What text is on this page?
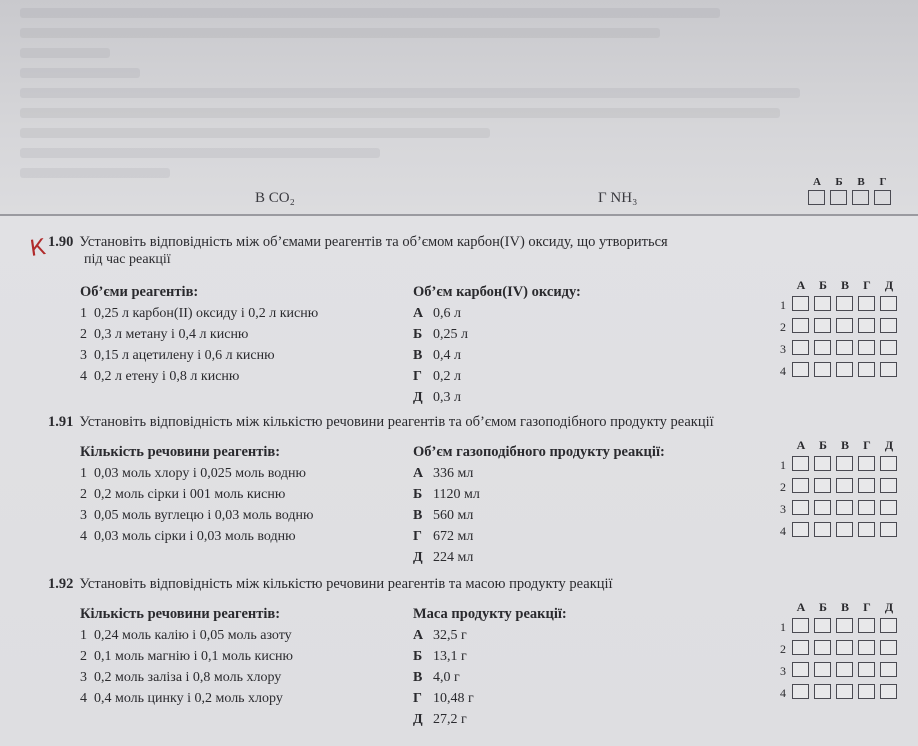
В CO₂	Г NH₃
А	Б	В	Г
К 1.90 Установіть відповідність між об’ємами реагентів та об’ємом карбон(IV) оксиду, що утвориться
під час реакції
Об’єми реагентів:	Об’єм карбон(IV) оксиду:
1 0,25 л карбон(II) оксиду і 0,2 л кисню
2 0,3 л метану і 0,4 л кисню
3 0,15 л ацетилену і 0,6 л кисню
4 0,2 л етену і 0,8 л кисню
А 0,6 л
Б 0,25 л
В 0,4 л
Г 0,2 л
Д 0,3 л
А	Б	В	Г	Д
1
2
3
4
1.91 Установіть відповідність між кількістю речовини реагентів та об’ємом газоподібного продукту реакції
Кількість речовини реагентів:	Об’єм газоподібного продукту реакції:
1 0,03 моль хлору і 0,025 моль водню
2 0,2 моль сірки і 001 моль кисню
3 0,05 моль вуглецю і 0,03 моль водню
4 0,03 моль сірки і 0,03 моль водню
А 336 мл
Б 1120 мл
В 560 мл
Г 672 мл
Д 224 мл
А	Б	В	Г	Д
1
2
3
4
1.92 Установіть відповідність між кількістю речовини реагентів та масою продукту реакції
Кількість речовини реагентів:	Маса продукту реакції:
1 0,24 моль калію і 0,05 моль азоту
2 0,1 моль магнію і 0,1 моль кисню
3 0,2 моль заліза і 0,8 моль хлору
4 0,4 моль цинку і 0,2 моль хлору
А 32,5 г
Б 13,1 г
В 4,0 г
Г 10,48 г
Д 27,2 г
А	Б	В	Г	Д
1
2
3
4
